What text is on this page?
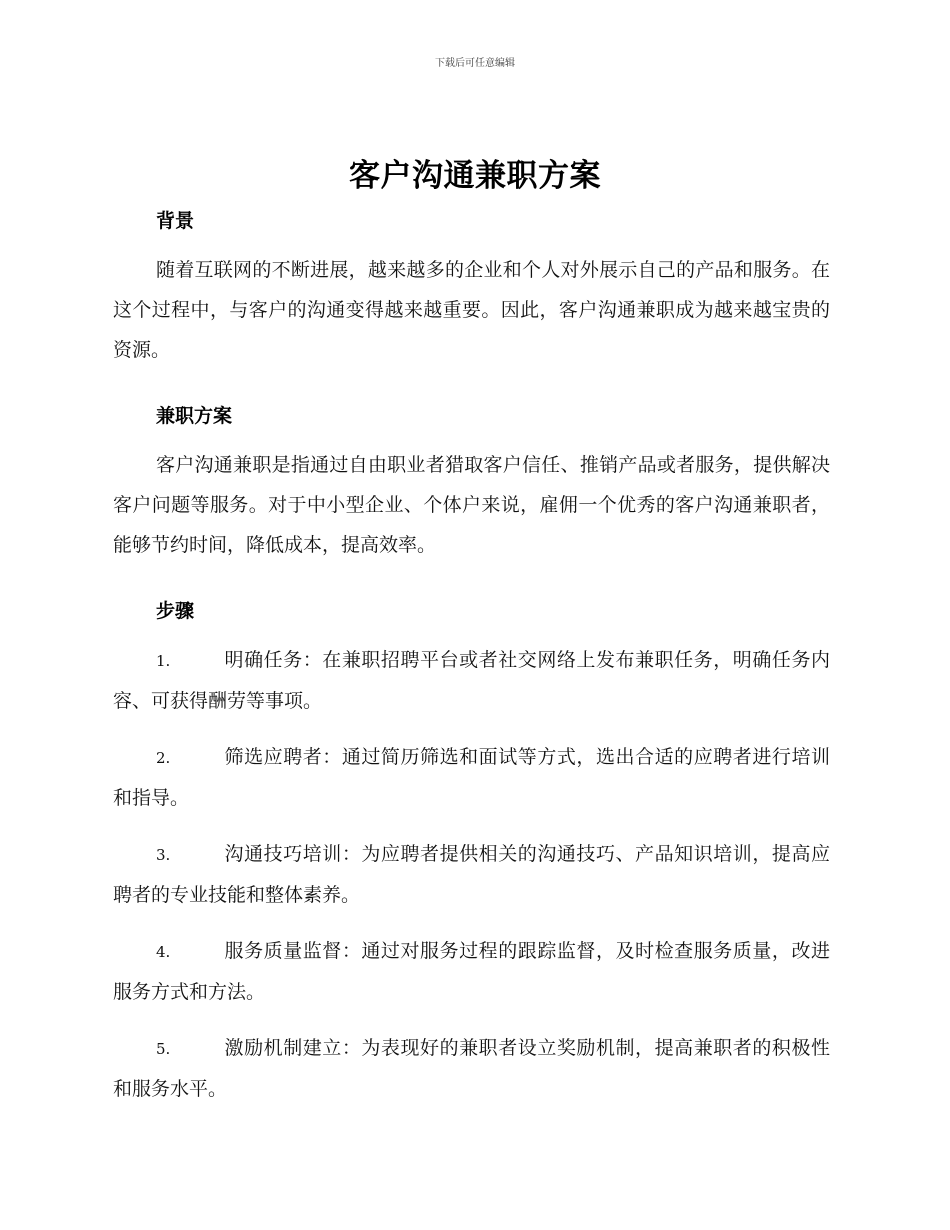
下载后可任意编辑
客户沟通兼职方案
背景

随着互联网的不断进展，越来越多的企业和个人对外展示自己的产品和服务。在这个过程中，与客户的沟通变得越来越重要。因此，客户沟通兼职成为越来越宝贵的资源。

兼职方案

客户沟通兼职是指通过自由职业者猎取客户信任、推销产品或者服务，提供解决客户问题等服务。对于中小型企业、个体户来说，雇佣一个优秀的客户沟通兼职者，能够节约时间，降低成本，提高效率。

步骤

1.	明确任务：在兼职招聘平台或者社交网络上发布兼职任务，明确任务内容、可获得酬劳等事项。

2.	筛选应聘者：通过简历筛选和面试等方式，选出合适的应聘者进行培训和指导。

3.	沟通技巧培训：为应聘者提供相关的沟通技巧、产品知识培训，提高应聘者的专业技能和整体素养。

4.	服务质量监督：通过对服务过程的跟踪监督，及时检查服务质量，改进服务方式和方法。

5.	激励机制建立：为表现好的兼职者设立奖励机制，提高兼职者的积极性和服务水平。
